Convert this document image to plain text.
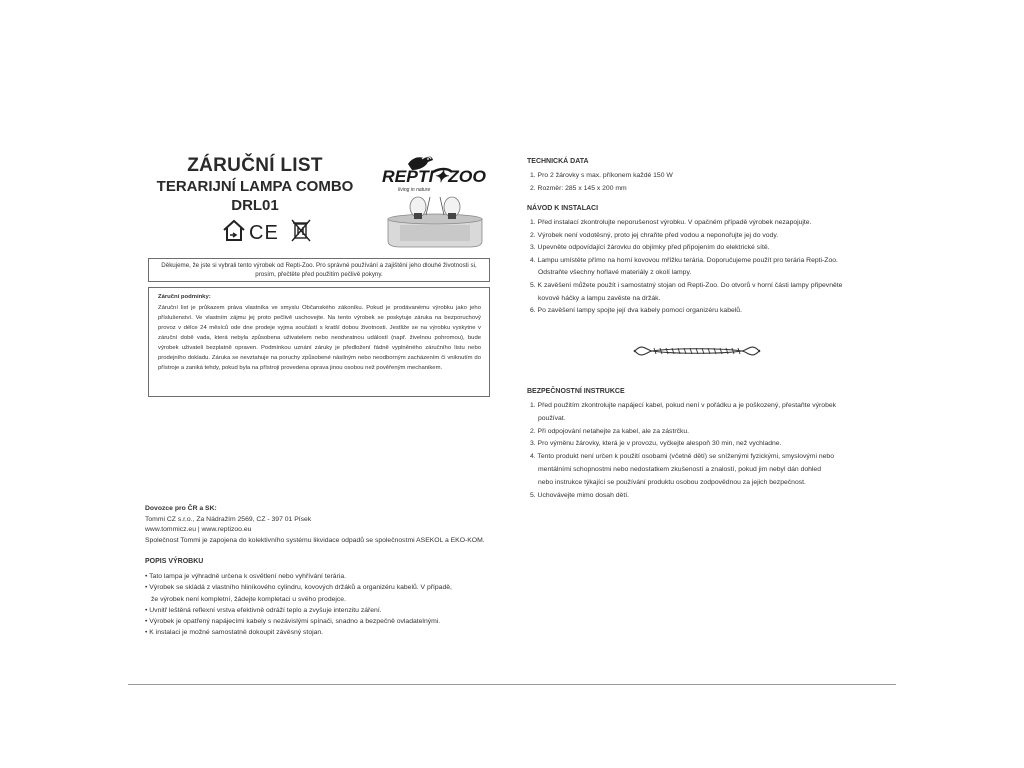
ZÁRUČNÍ LIST
TERARIJNÍ LAMPA COMBO
DRL01
CE
REPTI✦ZOO
living in nature
Děkujeme, že jste si vybrali tento výrobek od Repti-Zoo. Pro správné používání a zajištění jeho dlouhé životnosti si, prosím, přečtěte před použitím pečlivě pokyny.
Záruční podmínky:
Záruční list je průkazem práva vlastníka ve smyslu Občanského zákoníku. Pokud je prodávanému výrobku jako jeho příslušenství. Ve vlastním zájmu jej proto pečlivě uschovejte. Na tento výrobek se poskytuje záruka na bezporuchový provoz v délce 24 měsíců ode dne prodeje vyjma součástí s kratší dobou životnosti. Jestliže se na výrobku vyskytne v záruční době vada, která nebyla způsobena uživatelem nebo neodvratnou událostí (např. živelnou pohromou), bude výrobek uživateli bezplatně opraven. Podmínkou uznání záruky je předložení řádně vyplněného záručního listu nebo prodejního dokladu. Záruka se nevztahuje na poruchy způsobené násilným nebo neodborným zacházením či vniknutím do přístroje a zaniká tehdy, pokud byla na přístroji provedena oprava jinou osobou než pověřeným mechanikem.
Dovozce pro ČR a SK:
Tommi CZ s.r.o., Za Nádražím 2569, CZ - 397 01 Písek
www.tommicz.eu | www.reptizoo.eu
Společnost Tommi je zapojena do kolektivního systému likvidace odpadů se společnostmi ASEKOL a EKO-KOM.
POPIS VÝROBKU
• Tato lampa je výhradně určena k osvětlení nebo vyhřívání terária.
• Výrobek se skládá z vlastního hliníkového cylindru, kovových držáků a organizéru kabelů. V případě,
že výrobek není kompletní, žádejte kompletaci u svého prodejce.
• Uvnitř leštěná reflexní vrstva efektivně odráží teplo a zvyšuje intenzitu záření.
• Výrobek je opatřený napájecími kabely s nezávislými spínači, snadno a bezpečně ovladatelnými.
• K instalaci je možné samostatně dokoupit závěsný stojan.
TECHNICKÁ DATA
1. Pro 2 žárovky s max. příkonem každé 150 W
2. Rozměr: 285 x 145 x 200 mm
NÁVOD K INSTALACI
1. Před instalací zkontrolujte neporušenost výrobku. V opačném případě výrobek nezapojujte.
2. Výrobek není vodotěsný, proto jej chraňte před vodou a neponořujte jej do vody.
3. Upevněte odpovídající žárovku do objímky před připojením do elektrické sítě.
4. Lampu umístěte přímo na horní kovovou mřížku terária. Doporučujeme použít pro terária Repti-Zoo.
Odstraňte všechny hořlavé materiály z okolí lampy.
5. K zavěšení můžete použít i samostatný stojan od Repti-Zoo. Do otvorů v horní části lampy připevněte
kovové háčky a lampu zavěste na držák.
6. Po zavěšení lampy spojte její dva kabely pomocí organizéru kabelů.
BEZPEČNOSTNÍ INSTRUKCE
1. Před použitím zkontrolujte napájecí kabel, pokud není v pořádku a je poškozený, přestaňte výrobek
používat.
2. Při odpojování netahejte za kabel, ale za zástrčku.
3. Pro výměnu žárovky, která je v provozu, vyčkejte alespoň 30 min, než vychladne.
4. Tento produkt není určen k použití osobami (včetně dětí) se sníženými fyzickými, smyslovými nebo
mentálními schopnostmi nebo nedostatkem zkušeností a znalostí, pokud jim nebyl dán dohled
nebo instrukce týkající se používání produktu osobou zodpovědnou za jejich bezpečnost.
5. Uchovávejte mimo dosah dětí.
